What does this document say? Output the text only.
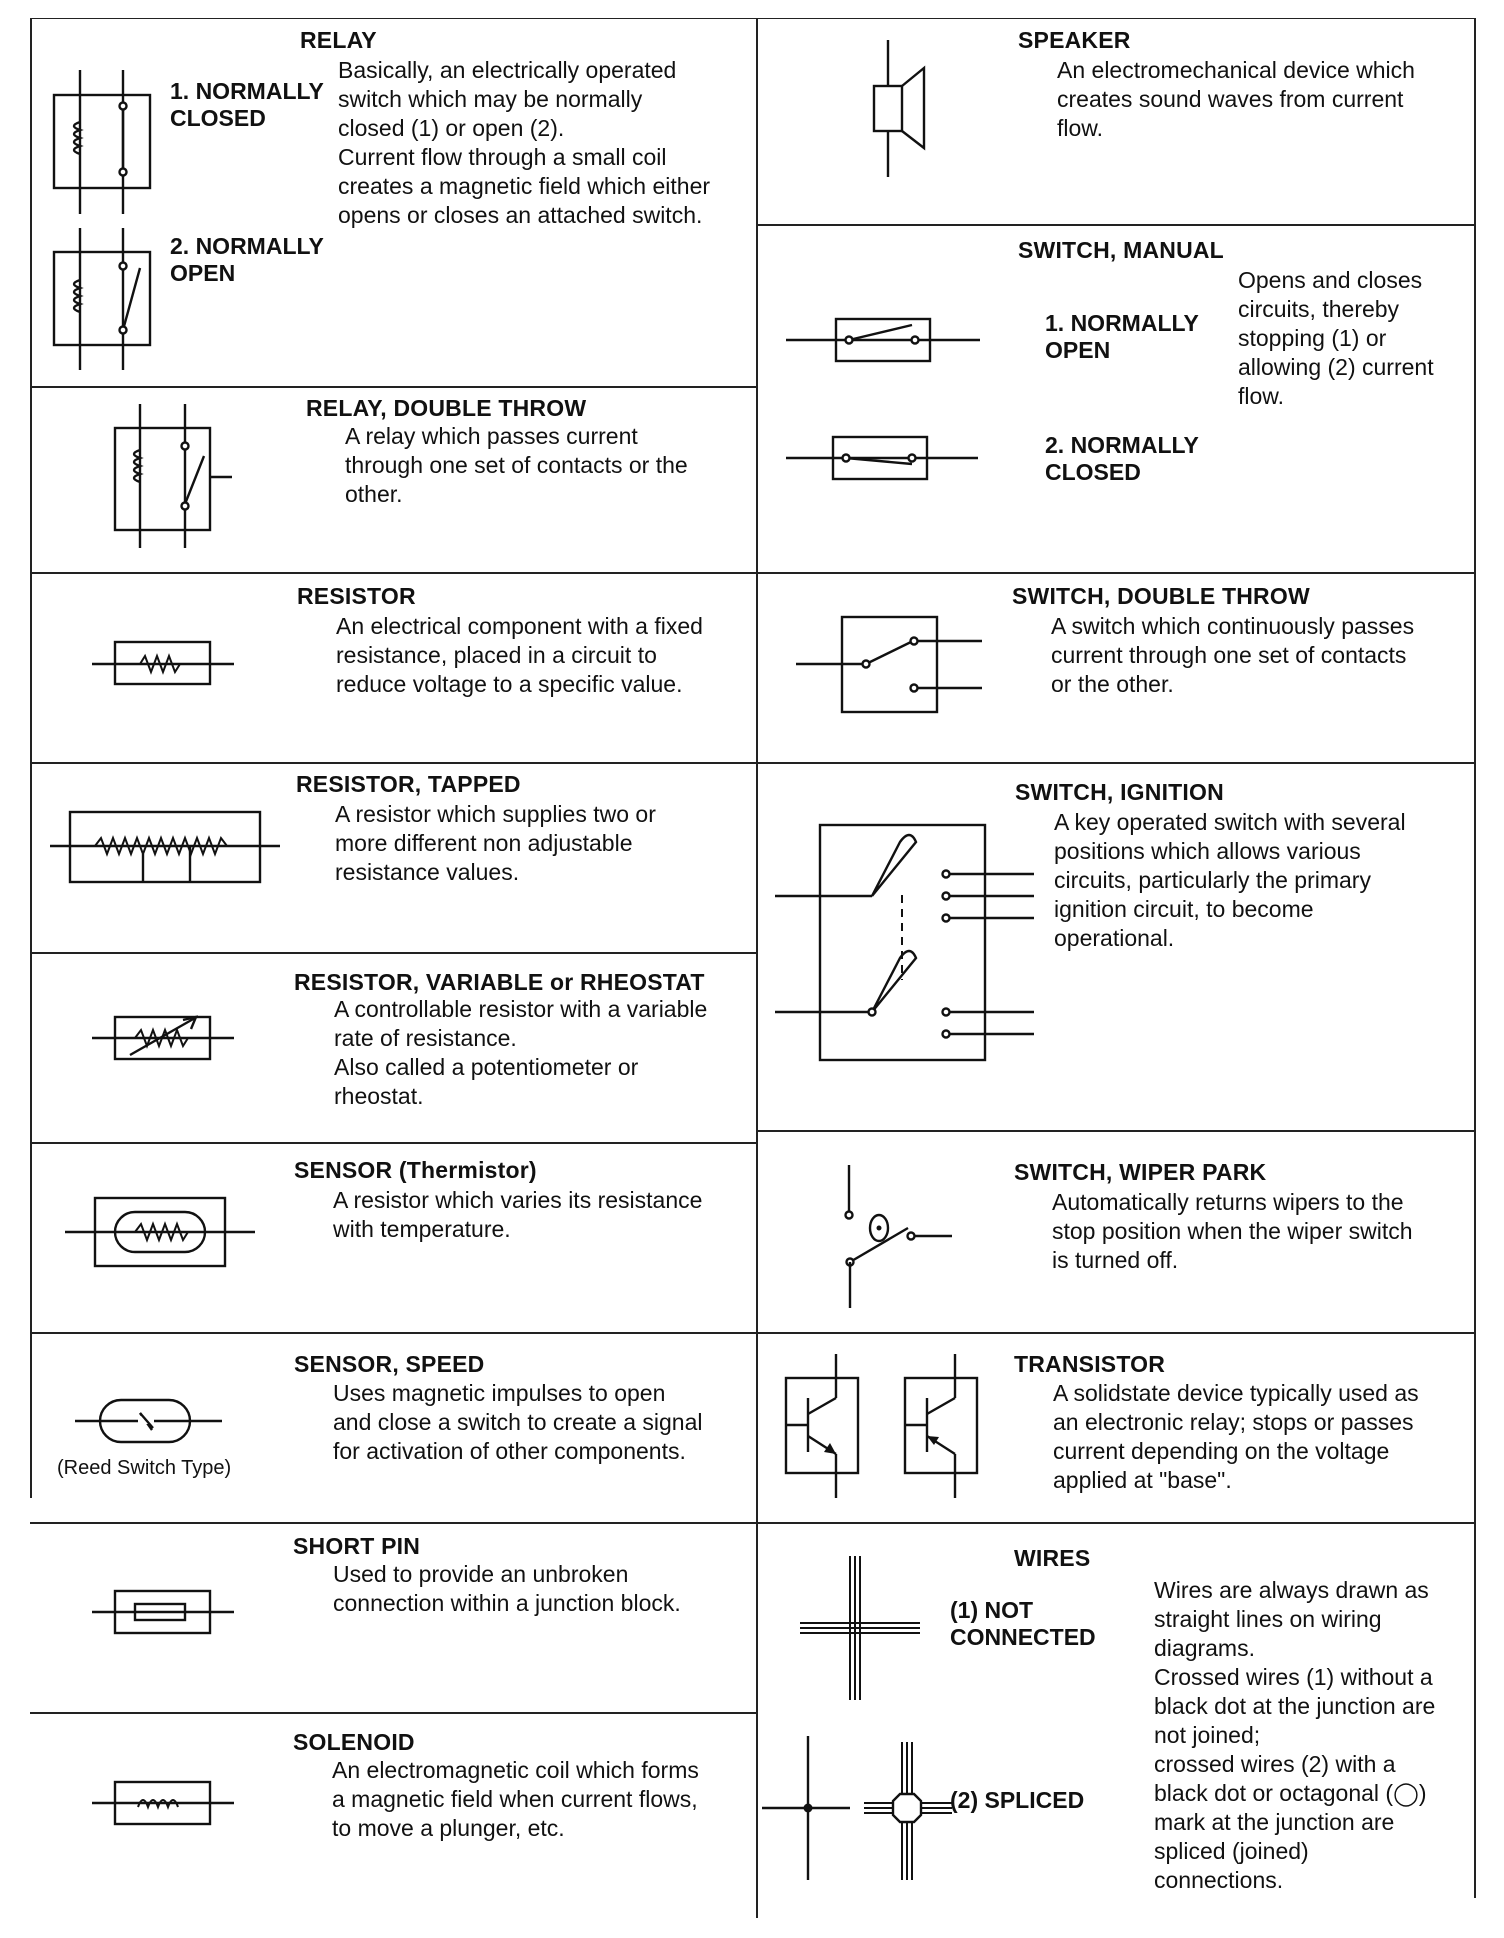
RELAY
1. NORMALLY
CLOSED
2. NORMALLY
OPEN
Basically, an electrically operated
switch which may be normally
closed (1) or open (2).
Current flow through a small coil
creates a magnetic field which either
opens or closes an attached switch.
RELAY, DOUBLE THROW
A relay which passes current
through one set of contacts or the
other.
RESISTOR
An electrical component with a fixed
resistance, placed in a circuit to
reduce voltage to a specific value.
RESISTOR, TAPPED
A resistor which supplies two or
more different non adjustable
resistance values.
RESISTOR, VARIABLE or RHEOSTAT
A controllable resistor with a variable
rate of resistance.
Also called a potentiometer or
rheostat.
SENSOR (Thermistor)
A resistor which varies its resistance
with temperature.
SENSOR, SPEED
Uses magnetic impulses to open
and close a switch to create a signal
for activation of other components.
(Reed Switch Type)
SHORT PIN
Used to provide an unbroken
connection within a junction block.
SOLENOID
An electromagnetic coil which forms
a magnetic field when current flows,
to move a plunger, etc.
SPEAKER
An electromechanical device which
creates sound waves from current
flow.
SWITCH, MANUAL
1. NORMALLY
OPEN
2. NORMALLY
CLOSED
Opens and closes
circuits, thereby
stopping (1) or
allowing (2) current
flow.
SWITCH, DOUBLE THROW
A switch which continuously passes
current through one set of contacts
or the other.
SWITCH, IGNITION
A key operated switch with several
positions which allows various
circuits, particularly the primary
ignition circuit, to become
operational.
SWITCH, WIPER PARK
Automatically returns wipers to the
stop position when the wiper switch
is turned off.
TRANSISTOR
A solidstate device typically used as
an electronic relay; stops or passes
current depending on the voltage
applied at "base".
WIRES
(1) NOT
CONNECTED
(2) SPLICED
Wires are always drawn as
straight lines on wiring
diagrams.
Crossed wires (1) without a
black dot at the junction are
not joined;
crossed wires (2) with a
black dot or octagonal (◯)
mark at the junction are
spliced (joined)
connections.
